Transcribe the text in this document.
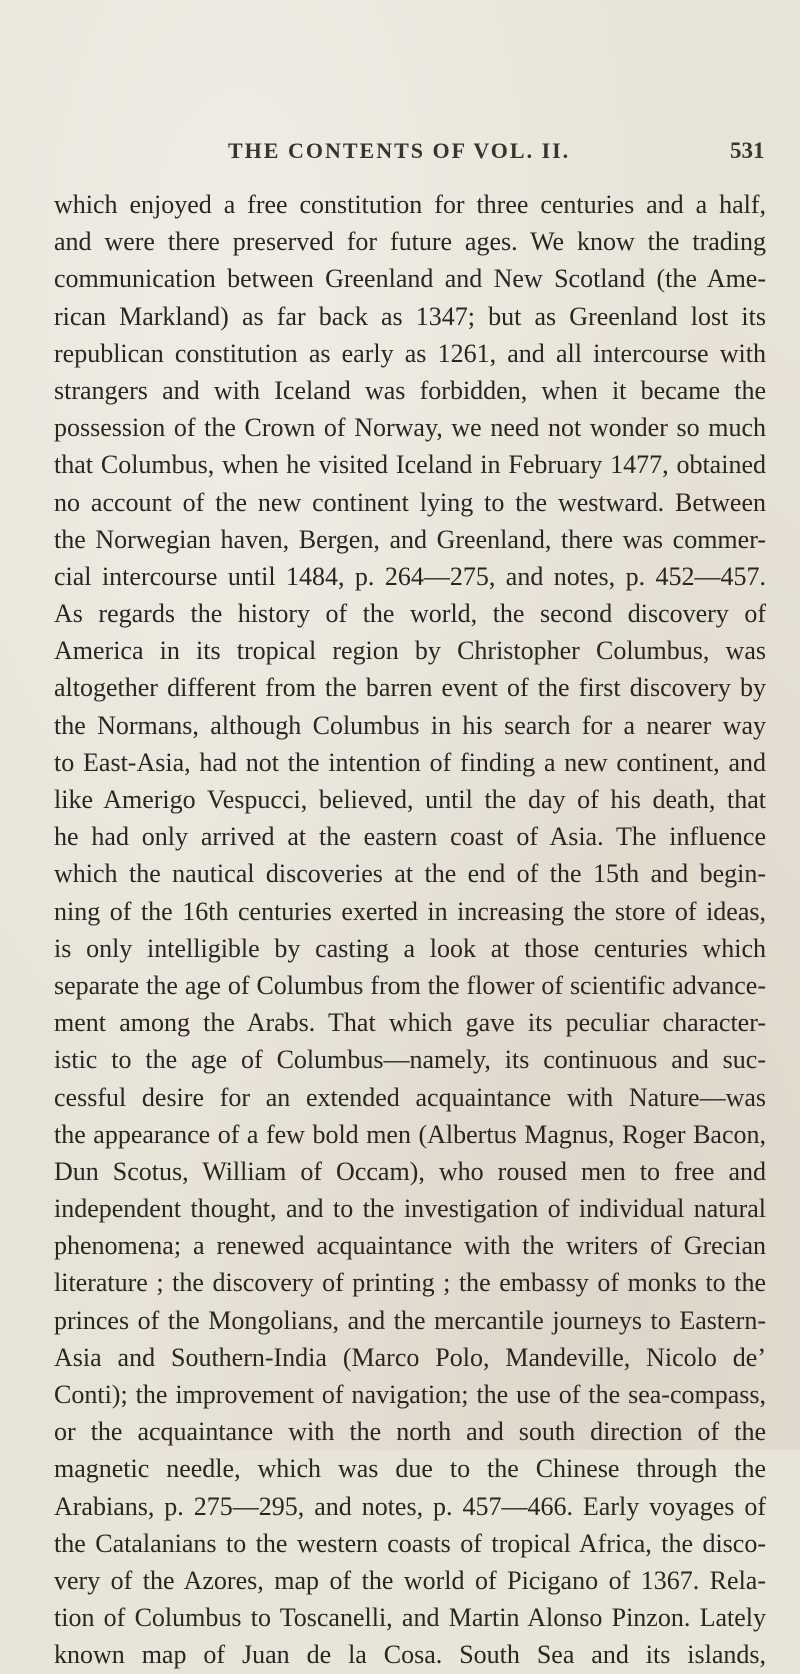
THE CONTENTS OF VOL. II.	531
which enjoyed a free constitution for three centuries and a half,
and were there preserved for future ages. We know the trading
communication between Greenland and New Scotland (the Ame-
rican Markland) as far back as 1347; but as Greenland lost its
republican constitution as early as 1261, and all intercourse with
strangers and with Iceland was forbidden, when it became the
possession of the Crown of Norway, we need not wonder so much
that Columbus, when he visited Iceland in February 1477, obtained
no account of the new continent lying to the westward. Between
the Norwegian haven, Bergen, and Greenland, there was commer-
cial intercourse until 1484, p. 264—275, and notes, p. 452—457.
As regards the history of the world, the second discovery of
America in its tropical region by Christopher Columbus, was
altogether different from the barren event of the first discovery by
the Normans, although Columbus in his search for a nearer way
to East-Asia, had not the intention of finding a new continent, and
like Amerigo Vespucci, believed, until the day of his death, that
he had only arrived at the eastern coast of Asia. The influence
which the nautical discoveries at the end of the 15th and begin-
ning of the 16th centuries exerted in increasing the store of ideas,
is only intelligible by casting a look at those centuries which
separate the age of Columbus from the flower of scientific advance-
ment among the Arabs. That which gave its peculiar character-
istic to the age of Columbus—namely, its continuous and suc-
cessful desire for an extended acquaintance with Nature—was
the appearance of a few bold men (Albertus Magnus, Roger Bacon,
Dun Scotus, William of Occam), who roused men to free and
independent thought, and to the investigation of individual natural
phenomena; a renewed acquaintance with the writers of Grecian
literature ; the discovery of printing ; the embassy of monks to the
princes of the Mongolians, and the mercantile journeys to Eastern-
Asia and Southern-India (Marco Polo, Mandeville, Nicolo de’
Conti); the improvement of navigation; the use of the sea-compass,
or the acquaintance with the north and south direction of the
magnetic needle, which was due to the Chinese through the
Arabians, p. 275—295, and notes, p. 457—466. Early voyages of
the Catalanians to the western coasts of tropical Africa, the disco-
very of the Azores, map of the world of Picigano of 1367. Rela-
tion of Columbus to Toscanelli, and Martin Alonso Pinzon. Lately
known map of Juan de la Cosa. South Sea and its islands,
